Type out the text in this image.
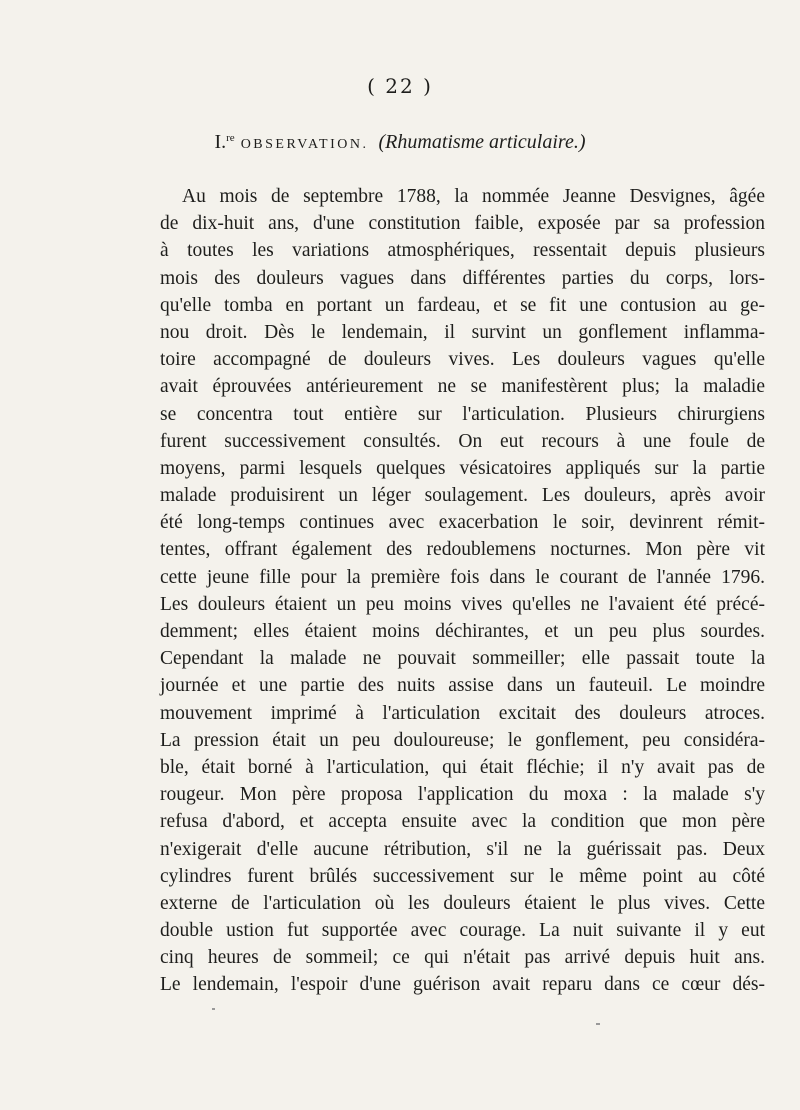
( 22 )
I.$^{re}$ OBSERVATION. (Rhumatisme articulaire.)
Au mois de septembre 1788, la nommée Jeanne Desvignes, âgée
de dix-huit ans, d'une constitution faible, exposée par sa profession
à toutes les variations atmosphériques, ressentait depuis plusieurs
mois des douleurs vagues dans différentes parties du corps, lors-
qu'elle tomba en portant un fardeau, et se fit une contusion au ge-
nou droit. Dès le lendemain, il survint un gonflement inflamma-
toire accompagné de douleurs vives. Les douleurs vagues qu'elle
avait éprouvées antérieurement ne se manifestèrent plus; la maladie
se concentra tout entière sur l'articulation. Plusieurs chirurgiens
furent successivement consultés. On eut recours à une foule de
moyens, parmi lesquels quelques vésicatoires appliqués sur la partie
malade produisirent un léger soulagement. Les douleurs, après avoir
été long-temps continues avec exacerbation le soir, devinrent rémit-
tentes, offrant également des redoublemens nocturnes. Mon père vit
cette jeune fille pour la première fois dans le courant de l'année 1796.
Les douleurs étaient un peu moins vives qu'elles ne l'avaient été précé-
demment; elles étaient moins déchirantes, et un peu plus sourdes.
Cependant la malade ne pouvait sommeiller; elle passait toute la
journée et une partie des nuits assise dans un fauteuil. Le moindre
mouvement imprimé à l'articulation excitait des douleurs atroces.
La pression était un peu douloureuse; le gonflement, peu considéra-
ble, était borné à l'articulation, qui était fléchie; il n'y avait pas de
rougeur. Mon père proposa l'application du moxa : la malade s'y
refusa d'abord, et accepta ensuite avec la condition que mon père
n'exigerait d'elle aucune rétribution, s'il ne la guérissait pas. Deux
cylindres furent brûlés successivement sur le même point au côté
externe de l'articulation où les douleurs étaient le plus vives. Cette
double ustion fut supportée avec courage. La nuit suivante il y eut
cinq heures de sommeil; ce qui n'était pas arrivé depuis huit ans.
Le lendemain, l'espoir d'une guérison avait reparu dans ce cœur dés-
